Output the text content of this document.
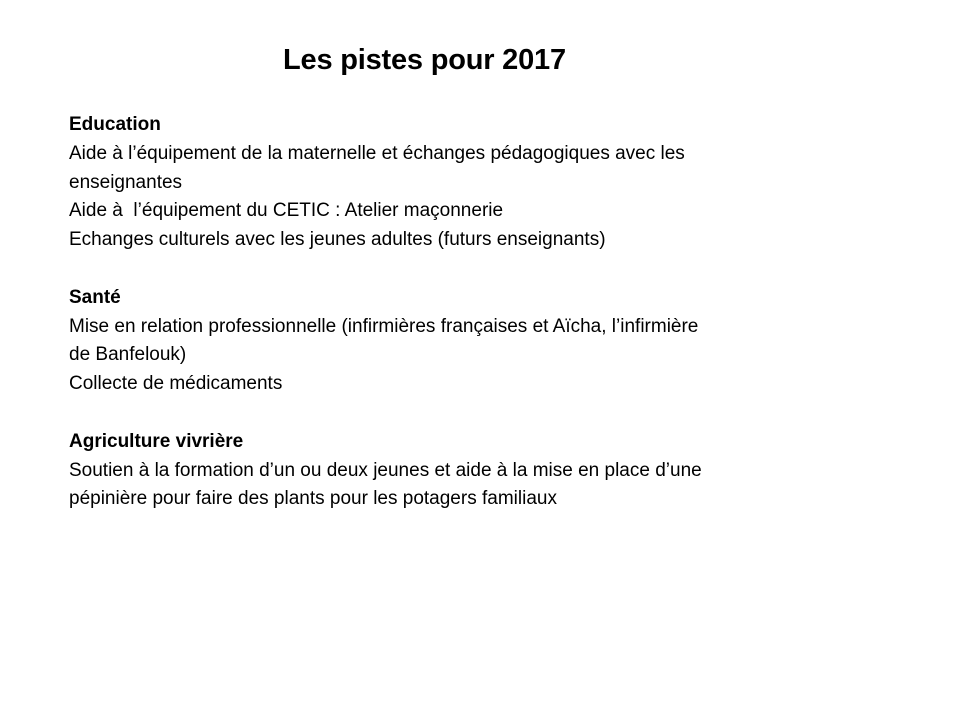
Les pistes pour 2017

Education

Aide à l’équipement de la maternelle et échanges pédagogiques avec les

enseignantes

Aide à  l’équipement du CETIC : Atelier maçonnerie

Echanges culturels avec les jeunes adultes (futurs enseignants)

Santé

Mise en relation professionnelle (infirmières françaises et Aïcha, l’infirmière

de Banfelouk)

Collecte de médicaments

Agriculture vivrière

Soutien à la formation d’un ou deux jeunes et aide à la mise en place d’une

pépinière pour faire des plants pour les potagers familiaux
